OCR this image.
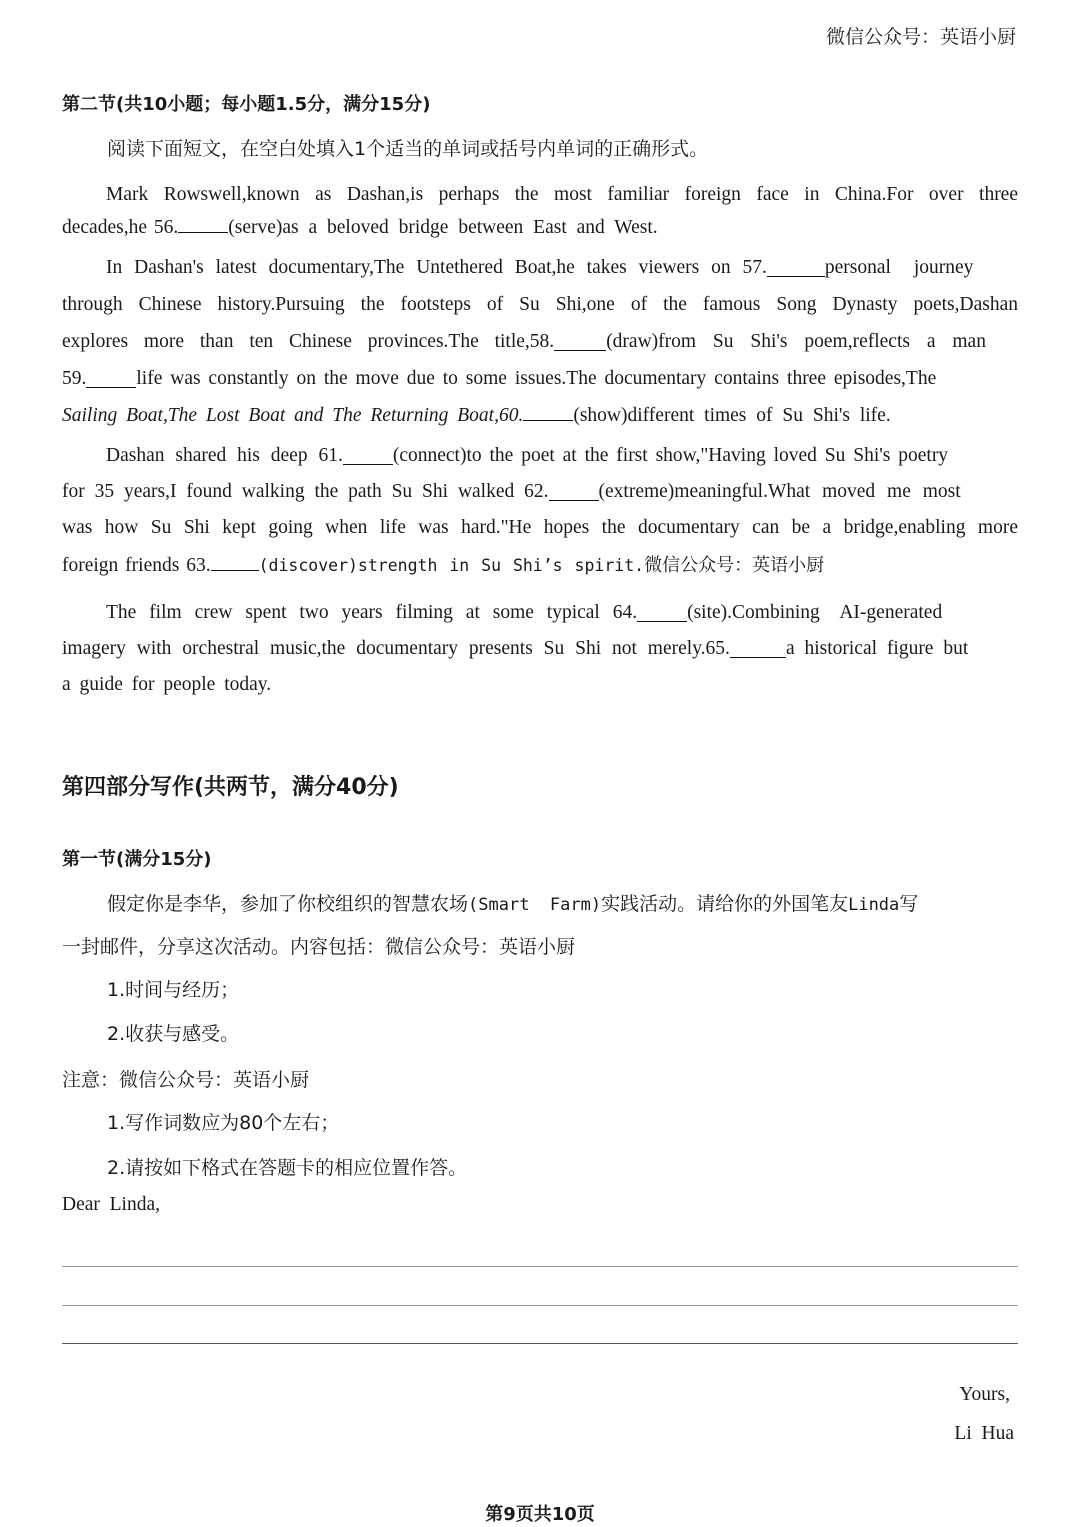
微信公众号：英语小厨
第二节(共10小题；每小题1.5分，满分15分)
阅读下面短文，在空白处填入1个适当的单词或括号内单词的正确形式。
Mark Rowswell,known as Dashan,is perhaps the most familiar foreign face in China.For over three
decades,he 56.	(serve)as a beloved bridge between East and West.
In Dashan's latest documentary,The Untethered Boat,he takes viewers on 57.	personal journey
through Chinese history.Pursuing the footsteps of Su Shi,one of the famous Song Dynasty poets,Dashan
explores more than ten Chinese provinces.The title,58.	(draw)from Su Shi's poem,reflects a man
59.	life was constantly on the move due to some issues.The documentary contains three episodes,The
Sailing Boat,The Lost Boat and The Returning Boat,60.	(show)different times of Su Shi's life.
Dashan shared his deep 61.	(connect)to the poet at the first show,"Having loved Su Shi's poetry
for 35 years,I found walking the path Su Shi walked 62.	(extreme)meaningful.What moved me most
was how Su Shi kept going when life was hard."He hopes the documentary can be a bridge,enabling more
foreign friends 63.	(discover)strength in Su Shi’s spirit.微信公众号：英语小厨
The film crew spent two years filming at some typical 64.	(site).Combining   AI-generated
imagery with orchestral music,the documentary presents Su Shi not merely.65.	a historical figure but
a guide for people today.
第四部分写作(共两节，满分40分)
第一节(满分15分)
假定你是李华，参加了你校组织的智慧农场(Smart  Farm)实践活动。请给你的外国笔友Linda写
一封邮件，分享这次活动。内容包括：微信公众号：英语小厨
1.时间与经历；
2.收获与感受。
注意：微信公众号：英语小厨
1.写作词数应为80个左右；
2.请按如下格式在答题卡的相应位置作答。
Dear  Linda,
Yours,
Li  Hua
第9页共10页
